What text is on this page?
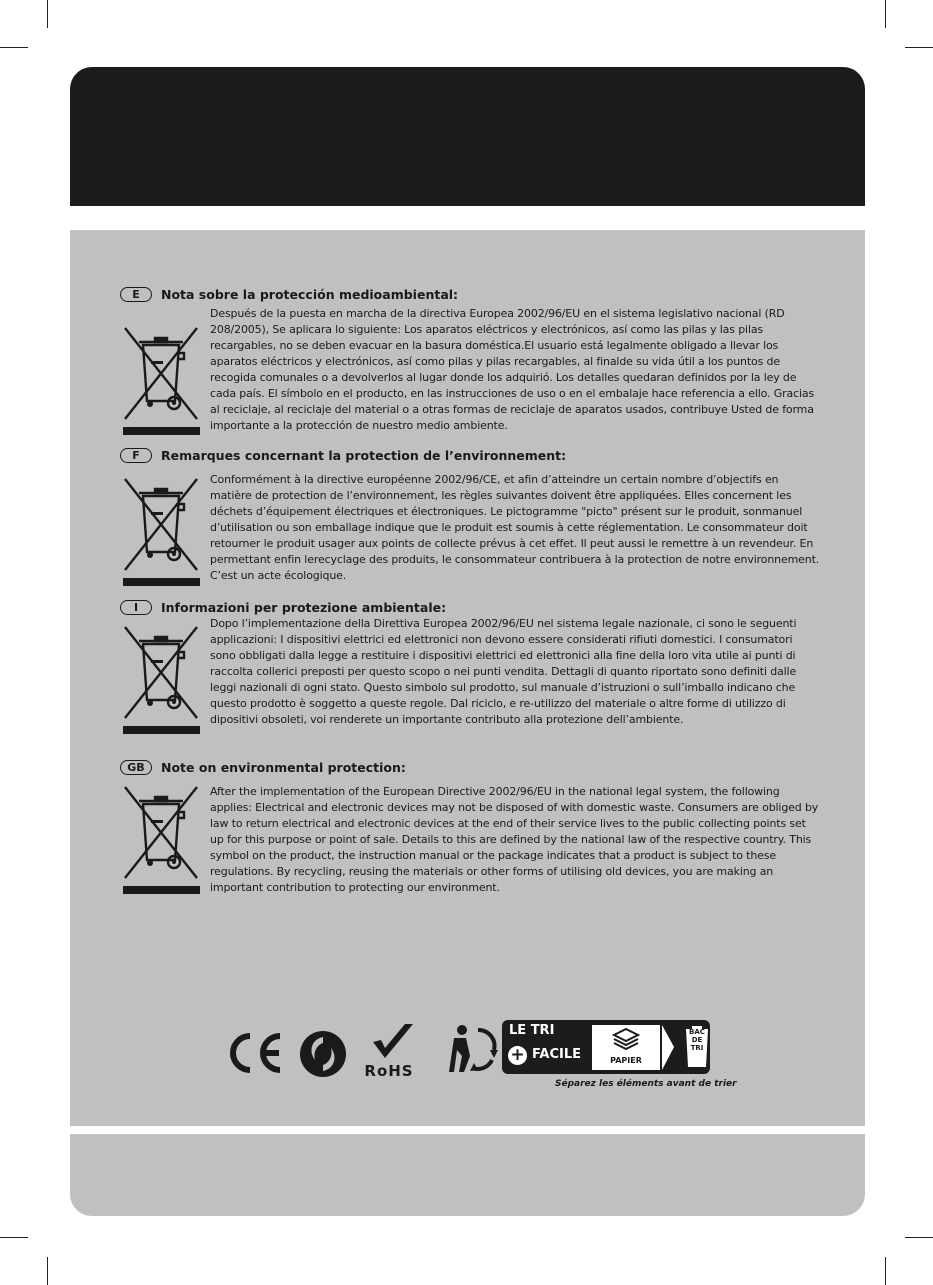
E	Nota sobre la protección medioambiental:
Después de la puesta en marcha de la directiva Europea 2002/96/EU en el sistema legislativo nacional (RD 208/2005), Se aplicara lo siguiente: Los aparatos eléctricos y electrónicos, así como las pilas y las pilas recargables, no se deben evacuar en la basura doméstica.El usuario está legalmente obligado a llevar los aparatos eléctricos y electrónicos, así como pilas y pilas recargables, al finalde su vida útil a los puntos de recogida comunales o a devolverlos al lugar donde los adquirió. Los detalles quedaran definidos por la ley de cada país. El símbolo en el producto, en las instrucciones de uso o en el embalaje hace referencia a ello. Gracias al reciclaje, al reciclaje del material o a otras formas de reciclaje de aparatos usados, contribuye Usted de forma importante a la protección de nuestro medio ambiente.
F	Remarques concernant la protection de l’environnement:
Conformément à la directive européenne 2002/96/CE, et afin d’atteindre un certain nombre d’objectifs en matière de protection de l’environnement, les règles suivantes doivent être appliquées. Elles concernent les déchets d’équipement électriques et électroniques. Le pictogramme "picto" présent sur le produit, sonmanuel d’utilisation ou son emballage indique que le produit est soumis à cette réglementation. Le consommateur doit retourner le produit usager aux points de collecte prévus à cet effet. Il peut aussi le remettre à un revendeur. En permettant enfin lerecyclage des produits, le consommateur contribuera à la protection de notre environnement. C’est un acte écologique.
I	Informazioni per protezione ambientale:
Dopo l’implementazione della Direttiva Europea 2002/96/EU nel sistema legale nazionale, ci sono le seguenti applicazioni: I dispositivi elettrici ed elettronici non devono essere considerati rifiuti domestici. I consumatori sono obbligati dalla legge a restituire i dispositivi elettrici ed elettronici alla fine della loro vita utile ai punti di raccolta collerici preposti per questo scopo o nei punti vendita. Dettagli di quanto riportato sono definiti dalle leggi nazionali di ogni stato. Questo simbolo sul prodotto, sul manuale d’istruzioni o sull’imballo indicano che questo prodotto è soggetto a queste regole. Dal riciclo, e re-utilizzo del materiale o altre forme di utilizzo di dipositivi obsoleti, voi renderete un importante contributo alla protezione dell’ambiente.
GB	Note on environmental protection:
After the implementation of the European Directive 2002/96/EU in the national legal system, the following applies: Electrical and electronic devices may not be disposed of with domestic waste. Consumers are obliged by law to return electrical and electronic devices at the end of their service lives to the public collecting points set up for this purpose or point of sale. Details to this are defined by the national law of the respective country. This symbol on the product, the instruction manual or the package indicates that a product is subject to these regulations. By recycling, reusing the materials or other forms of utilising old devices, you are making an important contribution to protecting our environment.
RoHS
LE TRI
+ FACILE	PAPIER
BAC DE TRI
Séparez les éléments avant de trier
